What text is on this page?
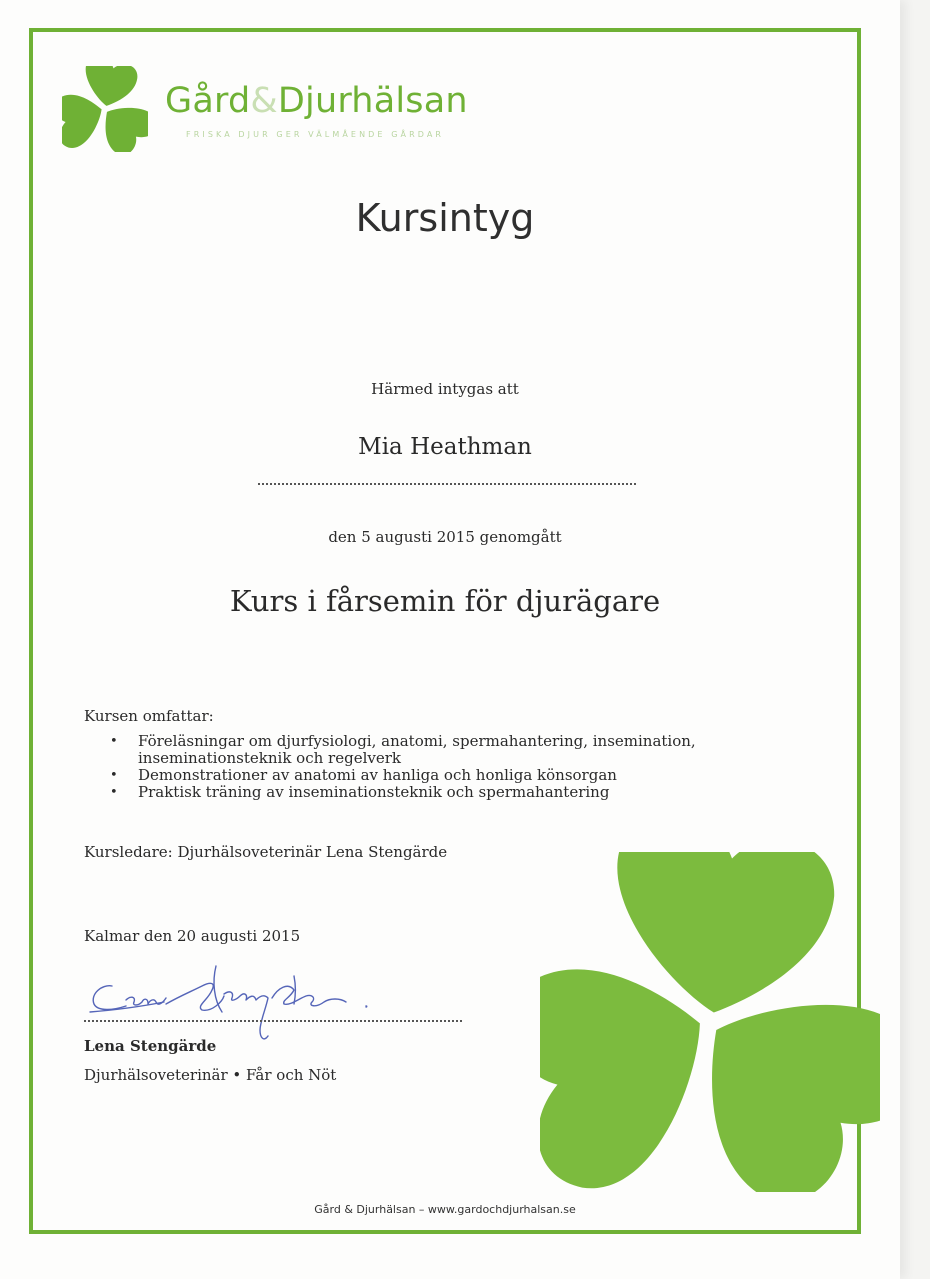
Gård&Djurhälsan
FRISKA DJUR GER VÄLMÅENDE GÅRDAR
Kursintyg
Härmed intygas att
Mia Heathman
den 5 augusti 2015 genomgått
Kurs i fårsemin för djurägare
Kursen omfattar:
• Föreläsningar om djurfysiologi, anatomi, spermahantering, insemination, inseminationsteknik och regelverk
• Demonstrationer av anatomi av hanliga och honliga könsorgan
• Praktisk träning av inseminationsteknik och spermahantering
Kursledare: Djurhälsoveterinär Lena Stengärde
Kalmar den 20 augusti 2015
Lena Stengärde
Djurhälsoveterinär • Får och Nöt
Gård & Djurhälsan – www.gardochdjurhalsan.se
